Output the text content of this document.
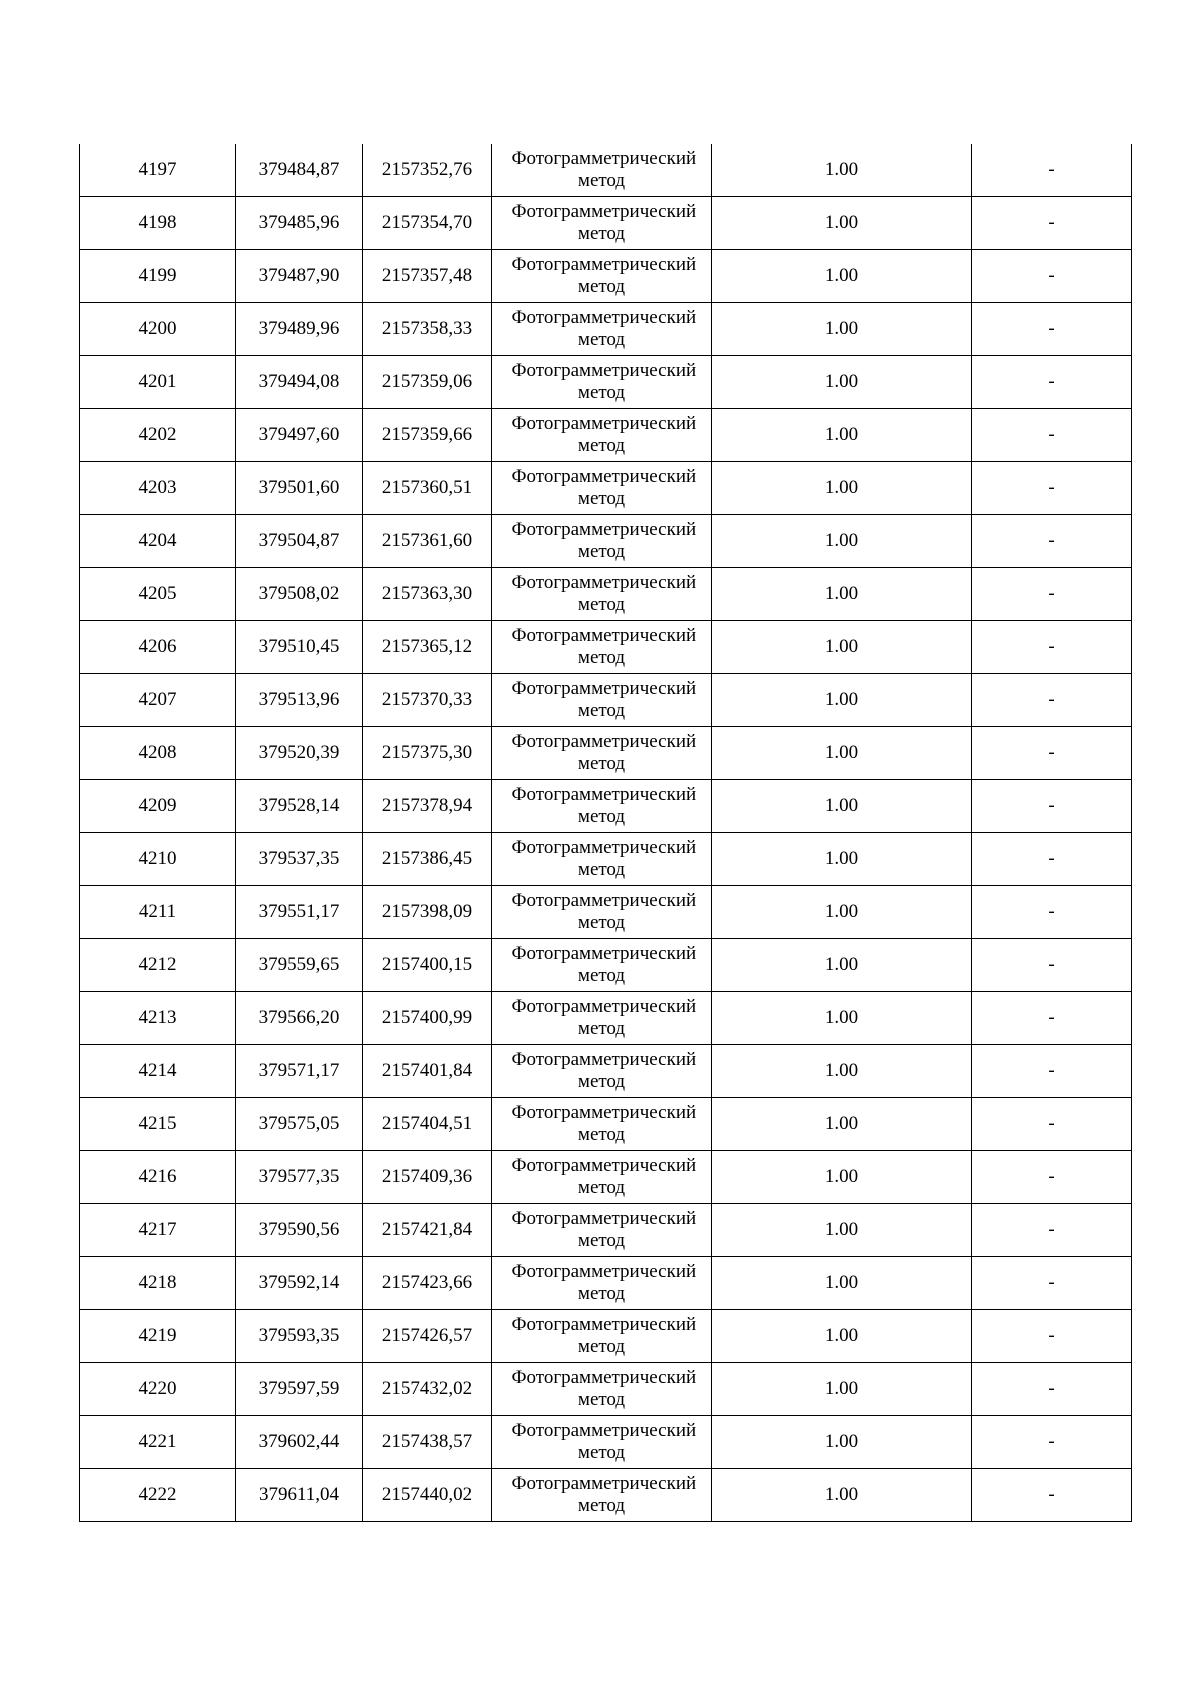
4197	379484,87	2157352,76	Фотограмметрический метод	1.00	-
4198	379485,96	2157354,70	Фотограмметрический метод	1.00	-
4199	379487,90	2157357,48	Фотограмметрический метод	1.00	-
4200	379489,96	2157358,33	Фотограмметрический метод	1.00	-
4201	379494,08	2157359,06	Фотограмметрический метод	1.00	-
4202	379497,60	2157359,66	Фотограмметрический метод	1.00	-
4203	379501,60	2157360,51	Фотограмметрический метод	1.00	-
4204	379504,87	2157361,60	Фотограмметрический метод	1.00	-
4205	379508,02	2157363,30	Фотограмметрический метод	1.00	-
4206	379510,45	2157365,12	Фотограмметрический метод	1.00	-
4207	379513,96	2157370,33	Фотограмметрический метод	1.00	-
4208	379520,39	2157375,30	Фотограмметрический метод	1.00	-
4209	379528,14	2157378,94	Фотограмметрический метод	1.00	-
4210	379537,35	2157386,45	Фотограмметрический метод	1.00	-
4211	379551,17	2157398,09	Фотограмметрический метод	1.00	-
4212	379559,65	2157400,15	Фотограмметрический метод	1.00	-
4213	379566,20	2157400,99	Фотограмметрический метод	1.00	-
4214	379571,17	2157401,84	Фотограмметрический метод	1.00	-
4215	379575,05	2157404,51	Фотограмметрический метод	1.00	-
4216	379577,35	2157409,36	Фотограмметрический метод	1.00	-
4217	379590,56	2157421,84	Фотограмметрический метод	1.00	-
4218	379592,14	2157423,66	Фотограмметрический метод	1.00	-
4219	379593,35	2157426,57	Фотограмметрический метод	1.00	-
4220	379597,59	2157432,02	Фотограмметрический метод	1.00	-
4221	379602,44	2157438,57	Фотограмметрический метод	1.00	-
4222	379611,04	2157440,02	Фотограмметрический метод	1.00	-
